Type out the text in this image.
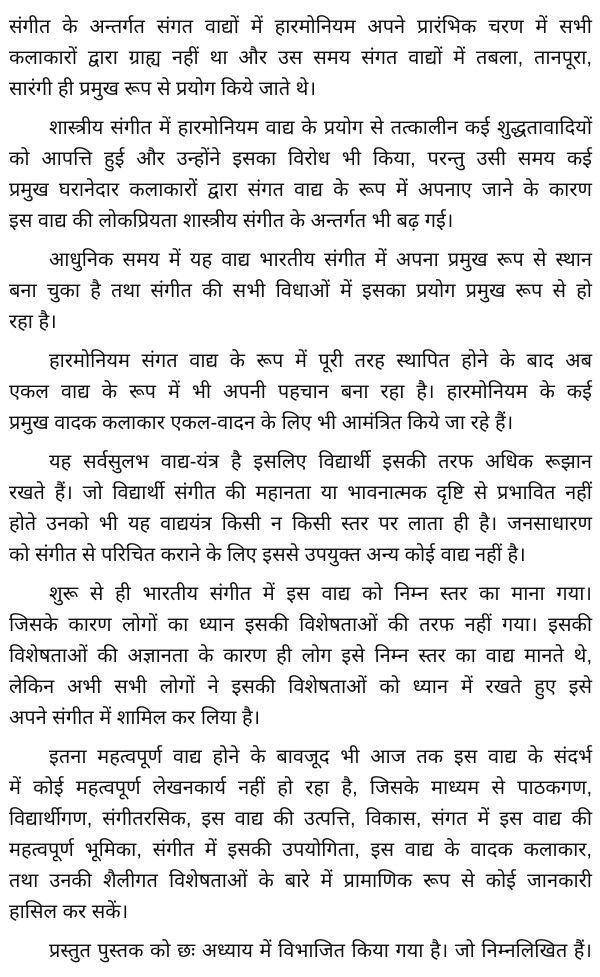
संगीत के अन्तर्गत संगत वाद्यों में हारमोनियम अपने प्रारंभिक चरण में सभी
कलाकारों द्वारा ग्राह्य नहीं था और उस समय संगत वाद्यों में तबला, तानपूरा,
सारंगी ही प्रमुख रूप से प्रयोग किये जाते थे।
शास्त्रीय संगीत में हारमोनियम वाद्य के प्रयोग से तत्कालीन कई शुद्धतावादियों
को आपत्ति हुई और उन्होंने इसका विरोध भी किया, परन्तु उसी समय कई
प्रमुख घरानेदार कलाकारों द्वारा संगत वाद्य के रूप में अपनाए जाने के कारण
इस वाद्य की लोकप्रियता शास्त्रीय संगीत के अन्तर्गत भी बढ़ गई।
आधुनिक समय में यह वाद्य भारतीय संगीत में अपना प्रमुख रूप से स्थान
बना चुका है तथा संगीत की सभी विधाओं में इसका प्रयोग प्रमुख रूप से हो
रहा है।
हारमोनियम संगत वाद्य के रूप में पूरी तरह स्थापित होने के बाद अब
एकल वाद्य के रूप में भी अपनी पहचान बना रहा है। हारमोनियम के कई
प्रमुख वादक कलाकार एकल-वादन के लिए भी आमंत्रित किये जा रहे हैं।
यह सर्वसुलभ वाद्य-यंत्र है इसलिए विद्यार्थी इसकी तरफ अधिक रूझान
रखते हैं। जो विद्यार्थी संगीत की महानता या भावनात्मक दृष्टि से प्रभावित नहीं
होते उनको भी यह वाद्ययंत्र किसी न किसी स्तर पर लाता ही है। जनसाधारण
को संगीत से परिचित कराने के लिए इससे उपयुक्त अन्य कोई वाद्य नहीं है।
शुरू से ही भारतीय संगीत में इस वाद्य को निम्न स्तर का माना गया।
जिसके कारण लोगों का ध्यान इसकी विशेषताओं की तरफ नहीं गया। इसकी
विशेषताओं की अज्ञानता के कारण ही लोग इसे निम्न स्तर का वाद्य मानते थे,
लेकिन अभी सभी लोगों ने इसकी विशेषताओं को ध्यान में रखते हुए इसे
अपने संगीत में शामिल कर लिया है।
इतना महत्वपूर्ण वाद्य होने के बावजूद भी आज तक इस वाद्य के संदर्भ
में कोई महत्वपूर्ण लेखनकार्य नहीं हो रहा है, जिसके माध्यम से पाठकगण,
विद्यार्थीगण, संगीतरसिक, इस वाद्य की उत्पत्ति, विकास, संगत में इस वाद्य की
महत्वपूर्ण भूमिका, संगीत में इसकी उपयोगिता, इस वाद्य के वादक कलाकार,
तथा उनकी शैलीगत विशेषताओं के बारे में प्रामाणिक रूप से कोई जानकारी
हासिल कर सकें।
प्रस्तुत पुस्तक को छः अध्याय में विभाजित किया गया है। जो निम्नलिखित हैं।
